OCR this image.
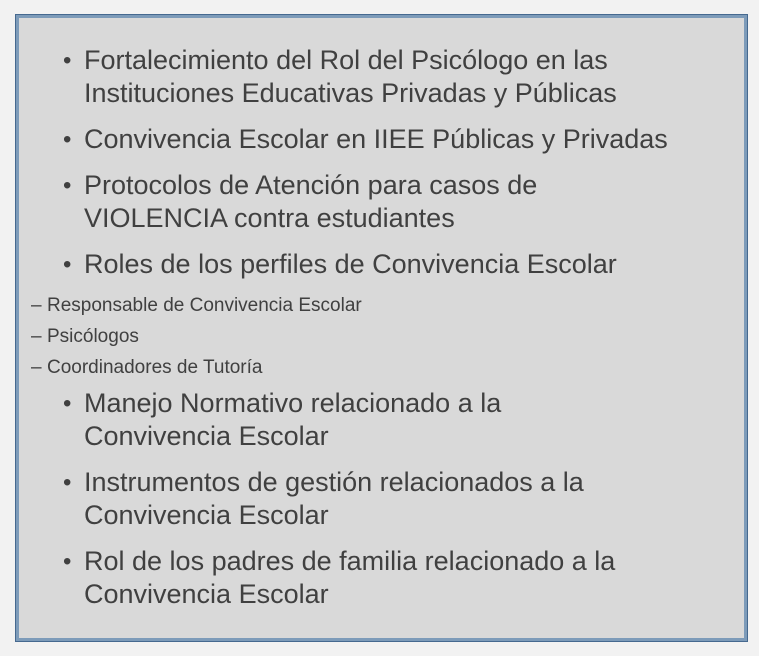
• Fortalecimiento del Rol del Psicólogo en las
Instituciones Educativas Privadas y Públicas
• Convivencia Escolar en IIEE Públicas y Privadas
• Protocolos de Atención para casos de
VIOLENCIA contra estudiantes
• Roles de los perfiles de Convivencia Escolar
– Responsable de Convivencia Escolar
– Psicólogos
– Coordinadores de Tutoría
• Manejo Normativo relacionado a la
Convivencia Escolar
• Instrumentos de gestión relacionados a la
Convivencia Escolar
• Rol de los padres de familia relacionado a la
Convivencia Escolar
